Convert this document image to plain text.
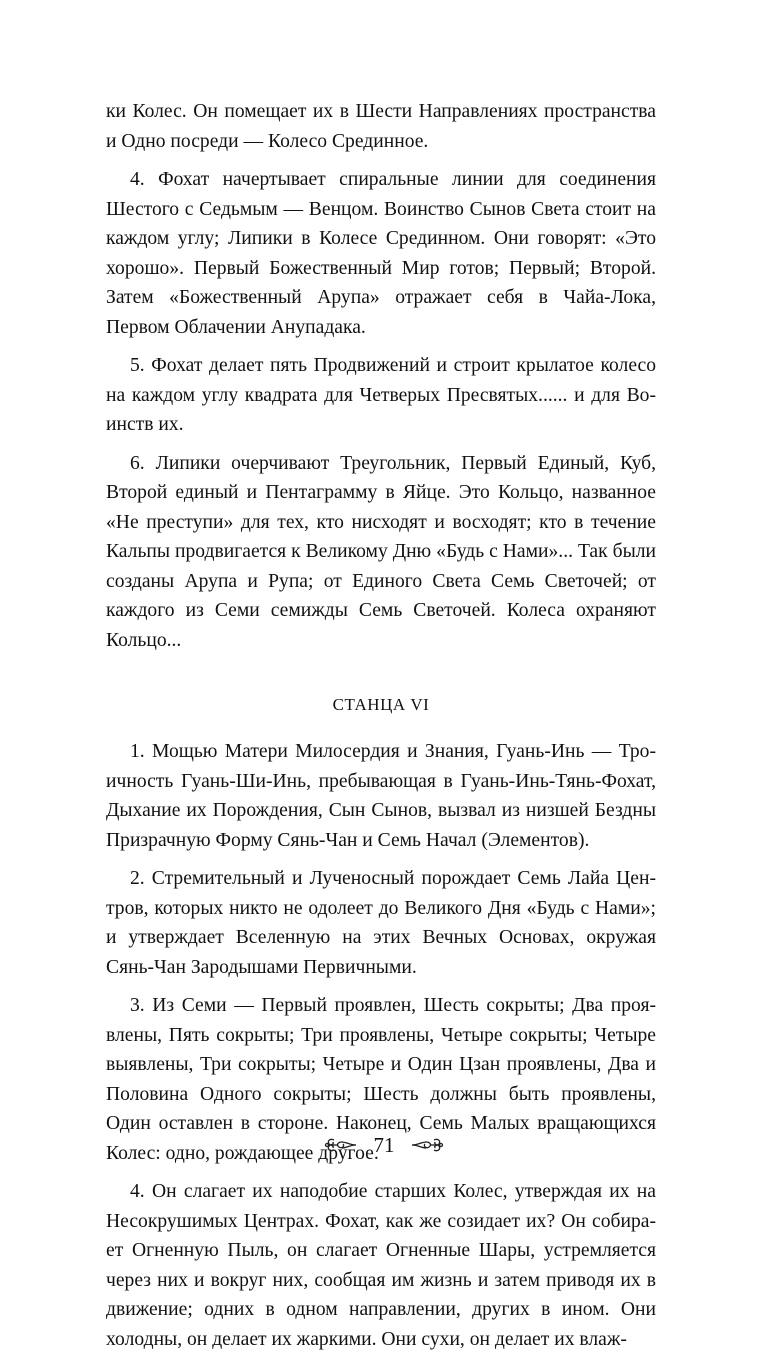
ки Колес. Он помещает их в Шести Направлениях пространства и Одно посреди — Колесо Срединное.

4. Фохат начертывает спиральные линии для соединения Шестого с Седьмым — Венцом. Воинство Сынов Света стоит на каждом углу; Липики в Колесе Срединном. Они говорят: «Это хорошо». Первый Божественный Мир готов; Первый; Второй. Затем «Божественный Арупа» отражает себя в Чайа-Лока, Первом Облачении Анупадака.

5. Фохат делает пять Продвижений и строит крылатое колесо на каждом углу квадрата для Четверых Пресвятых...... и для Воинств их.

6. Липики очерчивают Треугольник, Первый Единый, Куб, Второй единый и Пентаграмму в Яйце. Это Кольцо, названное «Не преступи» для тех, кто нисходят и восходят; кто в течение Кальпы продвигается к Великому Дню «Будь с Нами»... Так были созданы Арупа и Рупа; от Единого Света Семь Светочей; от каждого из Семи семижды Семь Светочей. Колеса охраняют Кольцо...

СТАНЦА VI

1. Мощью Матери Милосердия и Знания, Гуань-Инь — Троичность Гуань-Ши-Инь, пребывающая в Гуань-Инь-Тянь-Фохат, Дыхание их Порождения, Сын Сынов, вызвал из низшей Бездны Призрачную Форму Сянь-Чан и Семь Начал (Элементов).

2. Стремительный и Лученосный порождает Семь Лайа Центров, которых никто не одолеет до Великого Дня «Будь с Нами»; и утверждает Вселенную на этих Вечных Основах, окружая Сянь-Чан Зародышами Первичными.

3. Из Семи — Первый проявлен, Шесть сокрыты; Два проявлены, Пять сокрыты; Три проявлены, Четыре сокрыты; Четыре выявлены, Три сокрыты; Четыре и Один Цзан проявлены, Два и Половина Одного сокрыты; Шесть должны быть проявлены, Один оставлен в стороне. Наконец, Семь Малых вращающихся Колес: одно, рождающее другое.

4. Он слагает их наподобие старших Колес, утверждая их на Несокрушимых Центрах. Фохат, как же созидает их? Он собирает Огненную Пыль, он слагает Огненные Шары, устремляется через них и вокруг них, сообщая им жизнь и затем приводя их в движение; одних в одном направлении, других в ином. Они холодны, он делает их жаркими. Они сухи, он делает их влаж-

71
